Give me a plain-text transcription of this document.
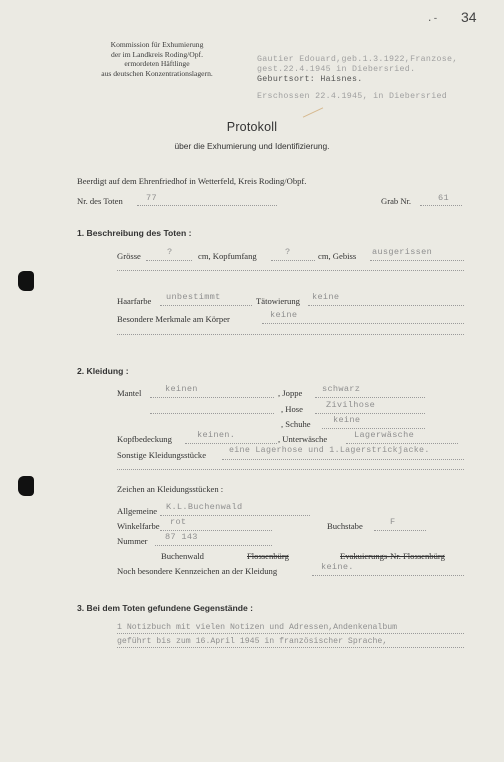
.- 34
Kommission für Exhumierung
der im Landkreis Roding/Opf.
ermordeten Häftlinge
aus deutschen Konzentrationslagern.
Gautier Edouard,geb.1.3.1922,Franzose,
gest.22.4.1945 in Diebersried.
Geburtsort: Haisnes.
Erschossen 22.4.1945, in Diebersried
Protokoll
über die Exhumierung und Identifizierung.
Beerdigt auf dem Ehrenfriedhof in Wetterfeld, Kreis Roding/Obpf.
Nr. des Toten	77	Grab Nr.	61
1. Beschreibung des Toten :
Grösse	?	cm, Kopfumfang	?	cm, Gebiss ausgerissen
Haarfarbe unbestimmt	Tätowierung keine
Besondere Merkmale am Körper	keine
2. Kleidung :
Mantel	keinen	, Joppe schwarz
, Hose	Zivilhose
, Schuhe	keine
Kopfbedeckung	keinen.	, Unterwäsche	Lagerwäsche
Sonstige Kleidungsstücke	eine Lagerhose und 1.Lagerstrickjacke.
Zeichen an Kleidungsstücken :
Allgemeine K.L.Buchenwald
Winkelfarbe rot	Buchstabe	F
Nummer 87 143
Buchenwald	Flossenbürg	Evakuierungs-Nr. Flossenbürg
Noch besondere Kennzeichen an der Kleidung	keine.
3. Bei dem Toten gefundene Gegenstände :
1 Notizbuch mit vielen Notizen und Adressen,Andenkenalbum
geführt bis zum 16.April 1945 in französischer Sprache,
